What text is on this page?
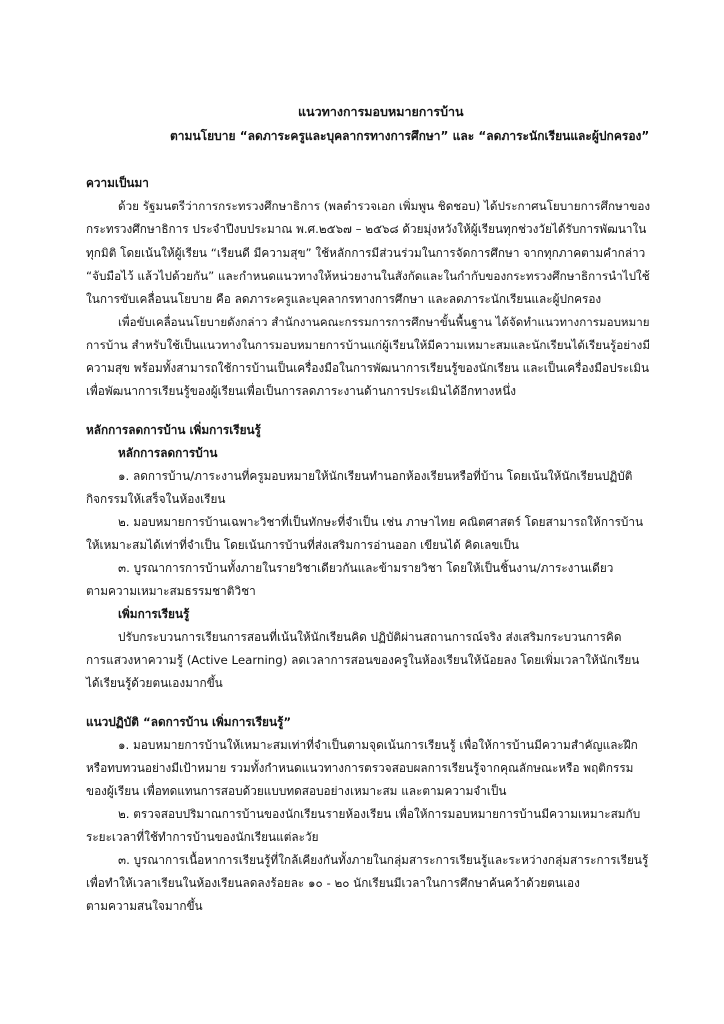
แนวทางการมอบหมายการบ้าน
ตามนโยบาย “ลดภาระครูและบุคลากรทางการศึกษา” และ “ลดภาระนักเรียนและผู้ปกครอง”
ความเป็นมา
ด้วย รัฐมนตรีว่าการกระทรวงศึกษาธิการ (พลตำรวจเอก เพิ่มพูน ชิดชอบ) ได้ประกาศนโยบายการศึกษาของ
กระทรวงศึกษาธิการ ประจำปีงบประมาณ พ.ศ.๒๕๖๗ – ๒๕๖๘ ด้วยมุ่งหวังให้ผู้เรียนทุกช่วงวัยได้รับการพัฒนาใน
ทุกมิติ โดยเน้นให้ผู้เรียน “เรียนดี มีความสุข” ใช้หลักการมีส่วนร่วมในการจัดการศึกษา จากทุกภาคตามคำกล่าว
“จับมือไว้ แล้วไปด้วยกัน” และกำหนดแนวทางให้หน่วยงานในสังกัดและในกำกับของกระทรวงศึกษาธิการนำไปใช้
ในการขับเคลื่อนนโยบาย คือ ลดภาระครูและบุคลากรทางการศึกษา และลดภาระนักเรียนและผู้ปกครอง
เพื่อขับเคลื่อนนโยบายดังกล่าว สำนักงานคณะกรรมการการศึกษาขั้นพื้นฐาน ได้จัดทำแนวทางการมอบหมาย
การบ้าน สำหรับใช้เป็นแนวทางในการมอบหมายการบ้านแก่ผู้เรียนให้มีความเหมาะสมและนักเรียนได้เรียนรู้อย่างมี
ความสุข พร้อมทั้งสามารถใช้การบ้านเป็นเครื่องมือในการพัฒนาการเรียนรู้ของนักเรียน และเป็นเครื่องมือประเมิน
เพื่อพัฒนาการเรียนรู้ของผู้เรียนเพื่อเป็นการลดภาระงานด้านการประเมินได้อีกทางหนึ่ง
หลักการลดการบ้าน เพิ่มการเรียนรู้
หลักการลดการบ้าน
๑. ลดการบ้าน/ภาระงานที่ครูมอบหมายให้นักเรียนทำนอกห้องเรียนหรือที่บ้าน โดยเน้นให้นักเรียนปฏิบัติ
กิจกรรมให้เสร็จในห้องเรียน
๒. มอบหมายการบ้านเฉพาะวิชาที่เป็นทักษะที่จำเป็น เช่น ภาษาไทย คณิตศาสตร์ โดยสามารถให้การบ้าน
ให้เหมาะสมได้เท่าที่จำเป็น โดยเน้นการบ้านที่ส่งเสริมการอ่านออก เขียนได้ คิดเลขเป็น
๓. บูรณาการการบ้านทั้งภายในรายวิชาเดียวกันและข้ามรายวิชา โดยให้เป็นชิ้นงาน/ภาระงานเดียว
ตามความเหมาะสมธรรมชาติวิชา
เพิ่มการเรียนรู้
ปรับกระบวนการเรียนการสอนที่เน้นให้นักเรียนคิด ปฏิบัติผ่านสถานการณ์จริง ส่งเสริมกระบวนการคิด
การแสวงหาความรู้ (Active Learning) ลดเวลาการสอนของครูในห้องเรียนให้น้อยลง โดยเพิ่มเวลาให้นักเรียน
ได้เรียนรู้ด้วยตนเองมากขึ้น
แนวปฏิบัติ “ลดการบ้าน เพิ่มการเรียนรู้”
๑. มอบหมายการบ้านให้เหมาะสมเท่าที่จำเป็นตามจุดเน้นการเรียนรู้ เพื่อให้การบ้านมีความสำคัญและฝึก
หรือทบทวนอย่างมีเป้าหมาย รวมทั้งกำหนดแนวทางการตรวจสอบผลการเรียนรู้จากคุณลักษณะหรือ พฤติกรรม
ของผู้เรียน เพื่อทดแทนการสอบด้วยแบบทดสอบอย่างเหมาะสม และตามความจำเป็น
๒. ตรวจสอบปริมาณการบ้านของนักเรียนรายห้องเรียน เพื่อให้การมอบหมายการบ้านมีความเหมาะสมกับ
ระยะเวลาที่ใช้ทำการบ้านของนักเรียนแต่ละวัย
๓. บูรณาการเนื้อหาการเรียนรู้ที่ใกล้เคียงกันทั้งภายในกลุ่มสาระการเรียนรู้และระหว่างกลุ่มสาระการเรียนรู้
เพื่อทำให้เวลาเรียนในห้องเรียนลดลงร้อยละ ๑๐ - ๒๐ นักเรียนมีเวลาในการศึกษาค้นคว้าด้วยตนเอง
ตามความสนใจมากขึ้น
